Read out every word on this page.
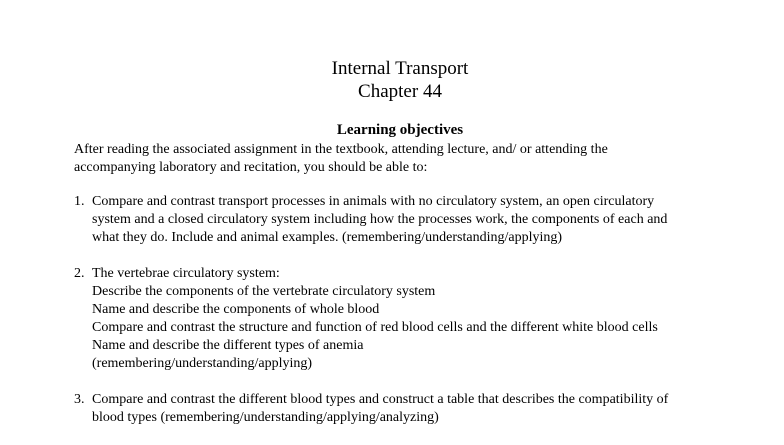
Internal Transport
Chapter 44
Learning objectives
After reading the associated assignment in the textbook, attending lecture, and/ or attending the
accompanying laboratory and recitation, you should be able to:
1. Compare and contrast transport processes in animals with no circulatory system, an open circulatory
system and a closed circulatory system including how the processes work, the components of each and
what they do. Include and animal examples. (remembering/understanding/applying)
2. The vertebrae circulatory system:
Describe the components of the vertebrate circulatory system
Name and describe the components of whole blood
Compare and contrast the structure and function of red blood cells and the different white blood cells
Name and describe the different types of anemia
(remembering/understanding/applying)
3. Compare and contrast the different blood types and construct a table that describes the compatibility of
blood types (remembering/understanding/applying/analyzing)
